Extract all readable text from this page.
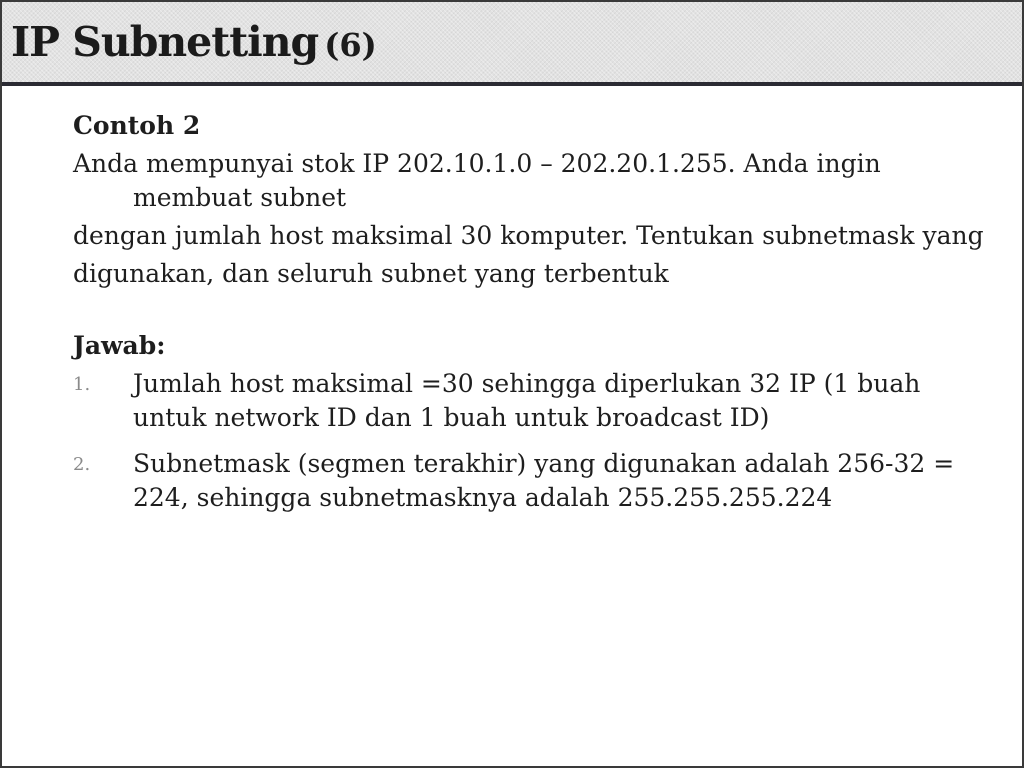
IP Subnetting (6)
Contoh 2
Anda mempunyai stok IP 202.10.1.0 – 202.20.1.255. Anda ingin membuat subnet
dengan jumlah host maksimal 30 komputer. Tentukan subnetmask yang
digunakan, dan seluruh subnet yang terbentuk
Jawab:
1. Jumlah host maksimal =30 sehingga diperlukan 32 IP (1 buah untuk network ID dan 1 buah untuk broadcast ID)
2. Subnetmask (segmen terakhir) yang digunakan adalah 256-32 = 224, sehingga subnetmasknya adalah 255.255.255.224
